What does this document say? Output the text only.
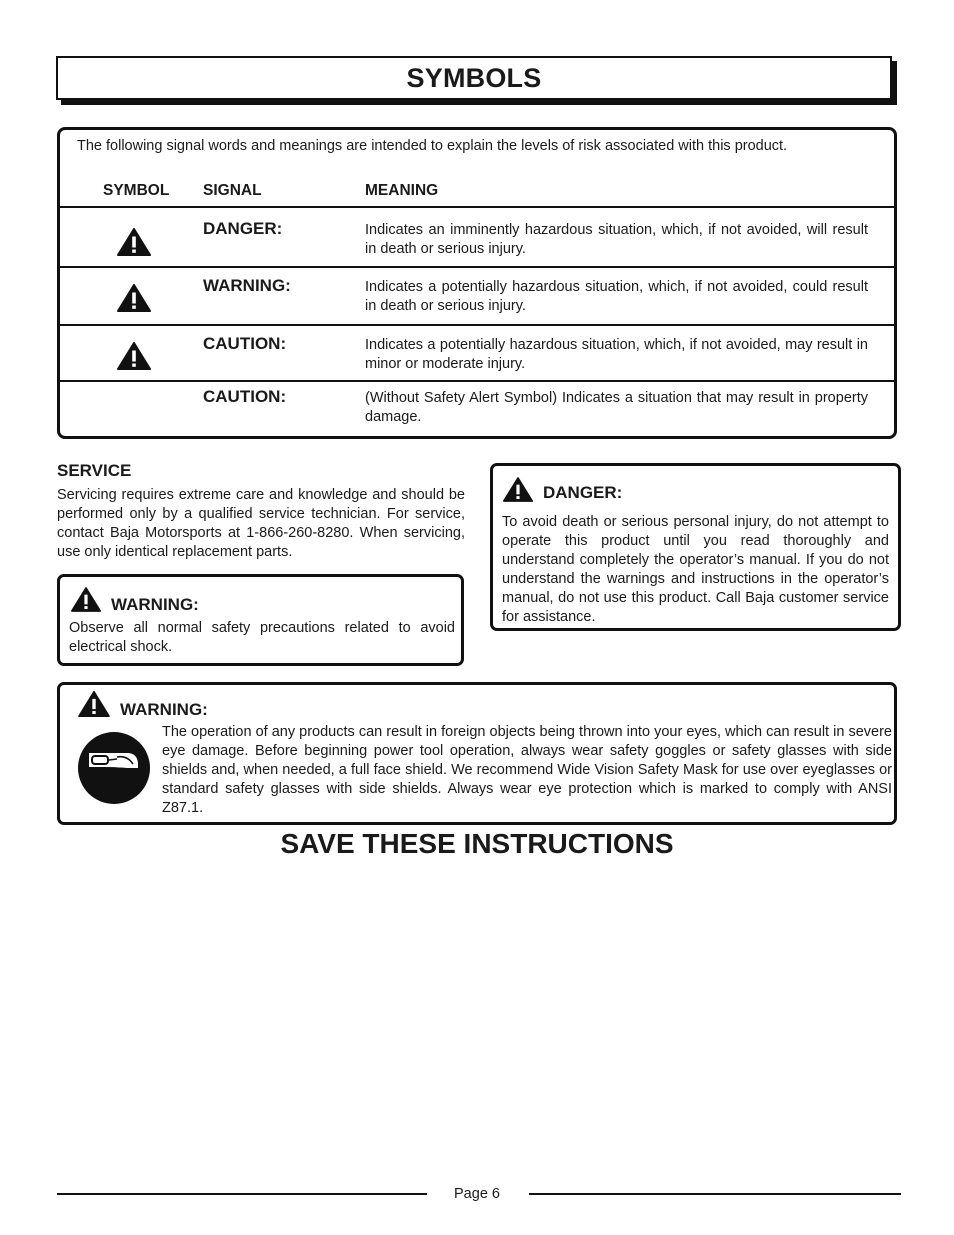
SYMBOLS
The following signal words and meanings are intended to explain the levels of risk associated with this product.
SYMBOL SIGNAL	MEANING
DANGER:	Indicates an imminently hazardous situation, which, if not avoided, will result in death or serious injury.
WARNING:	Indicates a potentially hazardous situation, which, if not avoided, could result in death or serious injury.
CAUTION:	Indicates a potentially hazardous situation, which, if not avoided, may result in minor or moderate injury.
CAUTION:	(Without Safety Alert Symbol) Indicates a situation that may result in property damage.
SERVICE
Servicing requires extreme care and knowledge and should be performed only by a qualified service technician. For service, contact Baja Motorsports at 1-866-260-8280. When servicing, use only identical replacement parts.
WARNING:
Observe all normal safety precautions related to avoid electrical shock.
DANGER:
To avoid death or serious personal injury, do not attempt to operate this product until you read thoroughly and understand completely the operator’s manual. If you do not understand the warnings and instructions in the operator’s manual, do not use this product. Call Baja customer service for assistance.
WARNING:
The operation of any products can result in foreign objects being thrown into your eyes, which can result in severe eye damage. Before beginning power tool operation, always wear safety goggles or safety glasses with side shields and, when needed, a full face shield. We recommend Wide Vision Safety Mask for use over eyeglasses or standard safety glasses with side shields. Always wear eye protection which is marked to comply with ANSI Z87.1.
SAVE THESE INSTRUCTIONS
Page 6
